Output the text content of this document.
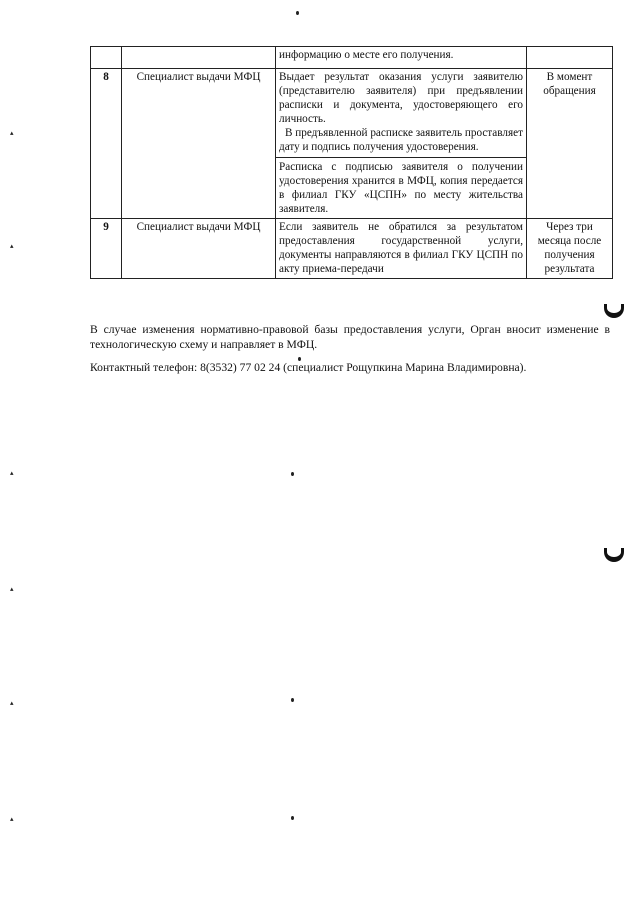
		информацию о месте его получения.	
8	Специалист выдачи МФЦ	Выдает результат оказания услуги заявителю (представителю заявителя) при предъявлении расписки и документа, удостоверяющего его личность.
В предъявленной расписке заявитель проставляет дату и подпись получения удостоверения.
Расписка с подписью заявителя о получении удостоверения хранится в МФЦ, копия передается в филиал ГКУ «ЦСПН» по месту жительства заявителя.	В момент обращения
9	Специалист выдачи МФЦ	Если заявитель не обратился за результатом предоставления государственной услуги, документы направляются в филиал ГКУ ЦСПН по акту приема-передачи	Через три месяца после получения результата
В случае изменения нормативно-правовой базы предоставления услуги, Орган вносит изменение в технологическую схему и направляет в МФЦ.
Контактный телефон: 8(3532) 77 02 24 (специалист Рощупкина Марина Владимировна).
▴
▴
▴
▴
▴
▴
